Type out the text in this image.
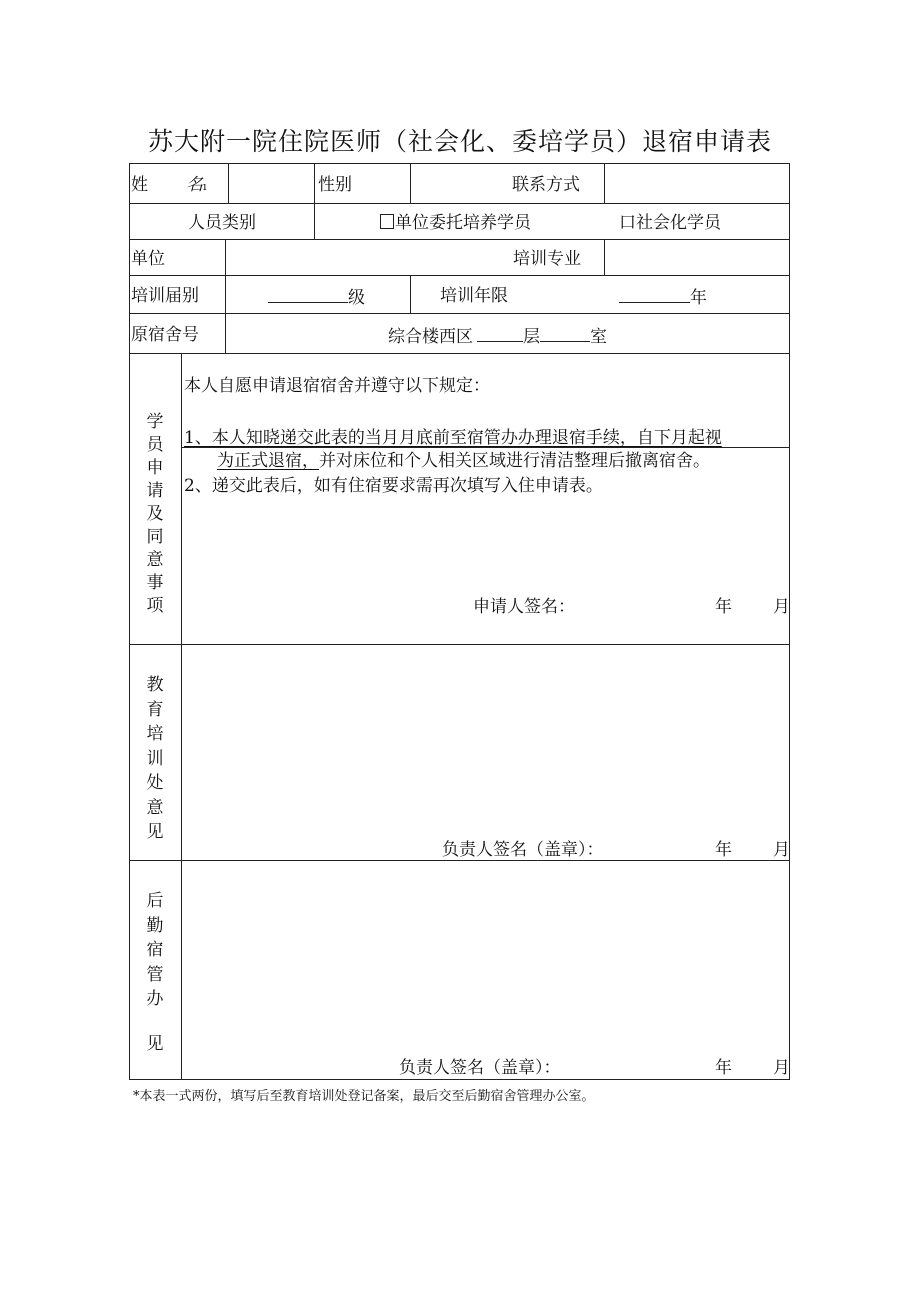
苏大附一院住院医师（社会化、委培学员）退宿申请表
姓 名ı	性别	联系方式
人员类别	单位委托培养学员	口社会化学员
单位	培训专业
培训届别	级	培训年限	年
原宿舍号	综合楼西区	层	室
学员申请及同意事项
本人自愿申请退宿宿舍并遵守以下规定：
1、本人知晓递交此表的当月月底前至宿管办办理退宿手续，自下月起视
为正式退宿，并对床位和个人相关区域进行清洁整理后撤离宿舍。
2、递交此表后，如有住宿要求需再次填写入住申请表。
申请人签名：	年 月
教育培训处意见
负责人签名（盖章）：	年 月
后勤宿管办
见
负责人签名（盖章）：	年 月
*本表一式两份，填写后至教育培训处登记备案，最后交至后勤宿舍管理办公室。
